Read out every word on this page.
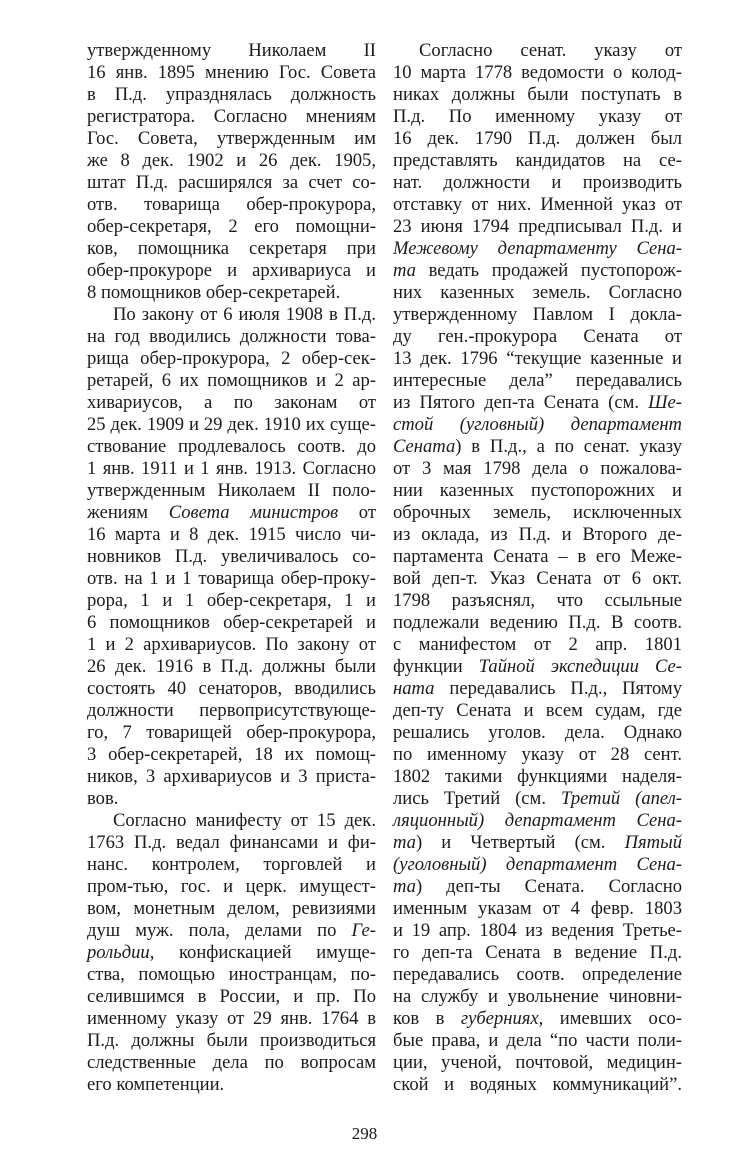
утвержденному Николаем II
16 янв. 1895 мнению Гос. Совета
в П.д. упразднялась должность
регистратора. Согласно мнениям
Гос. Совета, утвержденным им
же 8 дек. 1902 и 26 дек. 1905,
штат П.д. расширялся за счет со-
отв. товарища обер-прокурора,
обер-секретаря, 2 его помощни-
ков, помощника секретаря при
обер-прокуроре и архивариуса и
8 помощников обер-секретарей.
По закону от 6 июля 1908 в П.д.
на год вводились должности това-
рища обер-прокурора, 2 обер-сек-
ретарей, 6 их помощников и 2 ар-
хивариусов, а по законам от
25 дек. 1909 и 29 дек. 1910 их суще-
ствование продлевалось соотв. до
1 янв. 1911 и 1 янв. 1913. Согласно
утвержденным Николаем II поло-
жениям Совета министров от
16 марта и 8 дек. 1915 число чи-
новников П.д. увеличивалось со-
отв. на 1 и 1 товарища обер-проку-
рора, 1 и 1 обер-секретаря, 1 и
6 помощников обер-секретарей и
1 и 2 архивариусов. По закону от
26 дек. 1916 в П.д. должны были
состоять 40 сенаторов, вводились
должности первоприсутствующе-
го, 7 товарищей обер-прокурора,
3 обер-секретарей, 18 их помощ-
ников, 3 архивариусов и 3 приста-
вов.
Согласно манифесту от 15 дек.
1763 П.д. ведал финансами и фи-
нанс. контролем, торговлей и
пром-тью, гос. и церк. имущест-
вом, монетным делом, ревизиями
душ муж. пола, делами по Ге-
рольдии, конфискацией имуще-
ства, помощью иностранцам, по-
селившимся в России, и пр. По
именному указу от 29 янв. 1764 в
П.д. должны были производиться
следственные дела по вопросам
его компетенции.
Согласно сенат. указу от
10 марта 1778 ведомости о колод-
никах должны были поступать в
П.д. По именному указу от
16 дек. 1790 П.д. должен был
представлять кандидатов на се-
нат. должности и производить
отставку от них. Именной указ от
23 июня 1794 предписывал П.д. и
Межевому департаменту Сена-
та ведать продажей пустопорож-
них казенных земель. Согласно
утвержденному Павлом I докла-
ду ген.-прокурора Сената от
13 дек. 1796 “текущие казенные и
интересные дела” передавались
из Пятого деп-та Сената (см. Ше-
стой (угловный) департамент
Сената) в П.д., а по сенат. указу
от 3 мая 1798 дела о пожалова-
нии казенных пустопорожних и
оброчных земель, исключенных
из оклада, из П.д. и Второго де-
партамента Сената – в его Меже-
вой деп-т. Указ Сената от 6 окт.
1798 разъяснял, что ссыльные
подлежали ведению П.д. В соотв.
с манифестом от 2 апр. 1801
функции Тайной экспедиции Се-
ната передавались П.д., Пятому
деп-ту Сената и всем судам, где
решались уголов. дела. Однако
по именному указу от 28 сент.
1802 такими функциями наделя-
лись Третий (см. Третий (апел-
ляционный) департамент Сена-
та) и Четвертый (см. Пятый
(уголовный) департамент Сена-
та) деп-ты Сената. Согласно
именным указам от 4 февр. 1803
и 19 апр. 1804 из ведения Третье-
го деп-та Сената в ведение П.д.
передавались соотв. определение
на службу и увольнение чиновни-
ков в губерниях, имевших осо-
бые права, и дела “по части поли-
ции, ученой, почтовой, медицин-
ской и водяных коммуникаций”.
298
